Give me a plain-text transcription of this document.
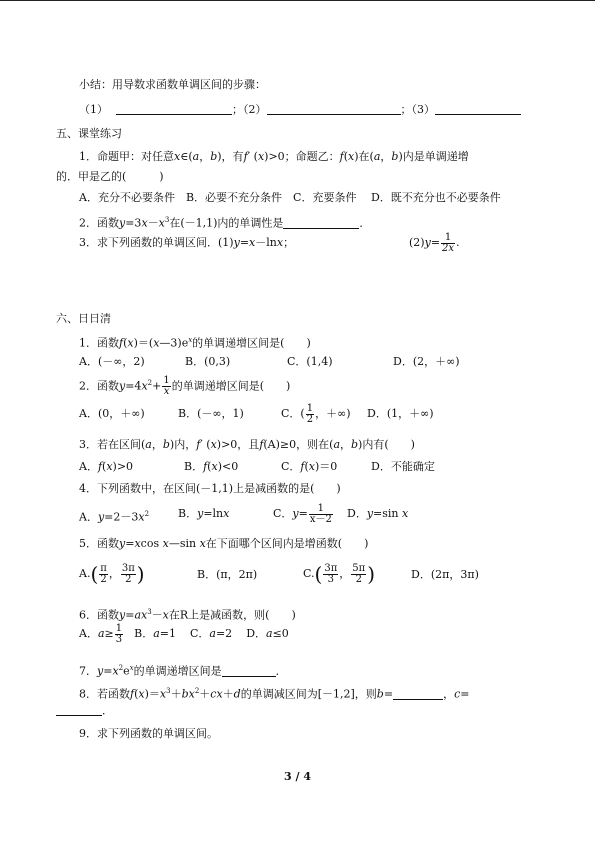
小结：用导数求函数单调区间的步骤：
（1）	；（2）	；（3）
五、课堂练习
1．命题甲：对任意x∈(a，b)，有f′ (x)>0；命题乙：f(x)在(a，b)内是单调递增
的．甲是乙的(　　　)
A．充分不必要条件　B．必要不充分条件　C．充要条件　 D．既不充分也不必要条件
2．函数$y=3x-x^3$在(－1,1)内的单调性是	．
3．求下列函数的单调区间．(1)y=x－lnx；	$(2)y= \frac{1}{2x}$ .
六、日日清
1．函数$f(x)=(x—3)e^x$的单调递增区间是(　　)
A．(－∞，2)	B．(0,3)	C．(1,4)	D．(2，＋∞)
2．函数$y=4x^2+ \frac{1}{x}$ 的单调递增区间是(　　)
A．(0，＋∞)	B．(－∞，1)	C．( $\frac{1}{2}$ ，＋∞) D．(1，＋∞)
3．若在区间(a，b)内，f′ (x)>0，且f(A)≥0，则在(a，b)内有(　　)
A．f(x)>0	B．f(x)<0	C．f(x)＝0	D．不能确定
4．下列函数中，在区间(－1,1)上是减函数的是(　　)
A．$y=2-3x^2$	B．y=lnx	C．$y= \frac{1}{x-2}$ D．y=sin x
5．函数y=xcos x—sin x在下面哪个区间内是增函数(　　)
$A.( \frac{\pi}{2}$ ， $\frac{3\pi}{2}$ )	B．(π，2π)	$C.( \frac{3\pi}{3}$ ， $\frac{5\pi}{2}$ )	D．(2π，3π)
6．函数$y=ax^3-x$在R上是减函数，则(　　)
A．$a\ge \frac{1}{3}$ B．a=1 C．a=2 D．a≤0
7．$y=x^2e^x$的单调递增区间是	．
8．若函数$f(x)=x^3+bx^2+cx+d$的单调减区间为[－1,2]，则b=	，c=
．
9．求下列函数的单调区间。
3 / 4
